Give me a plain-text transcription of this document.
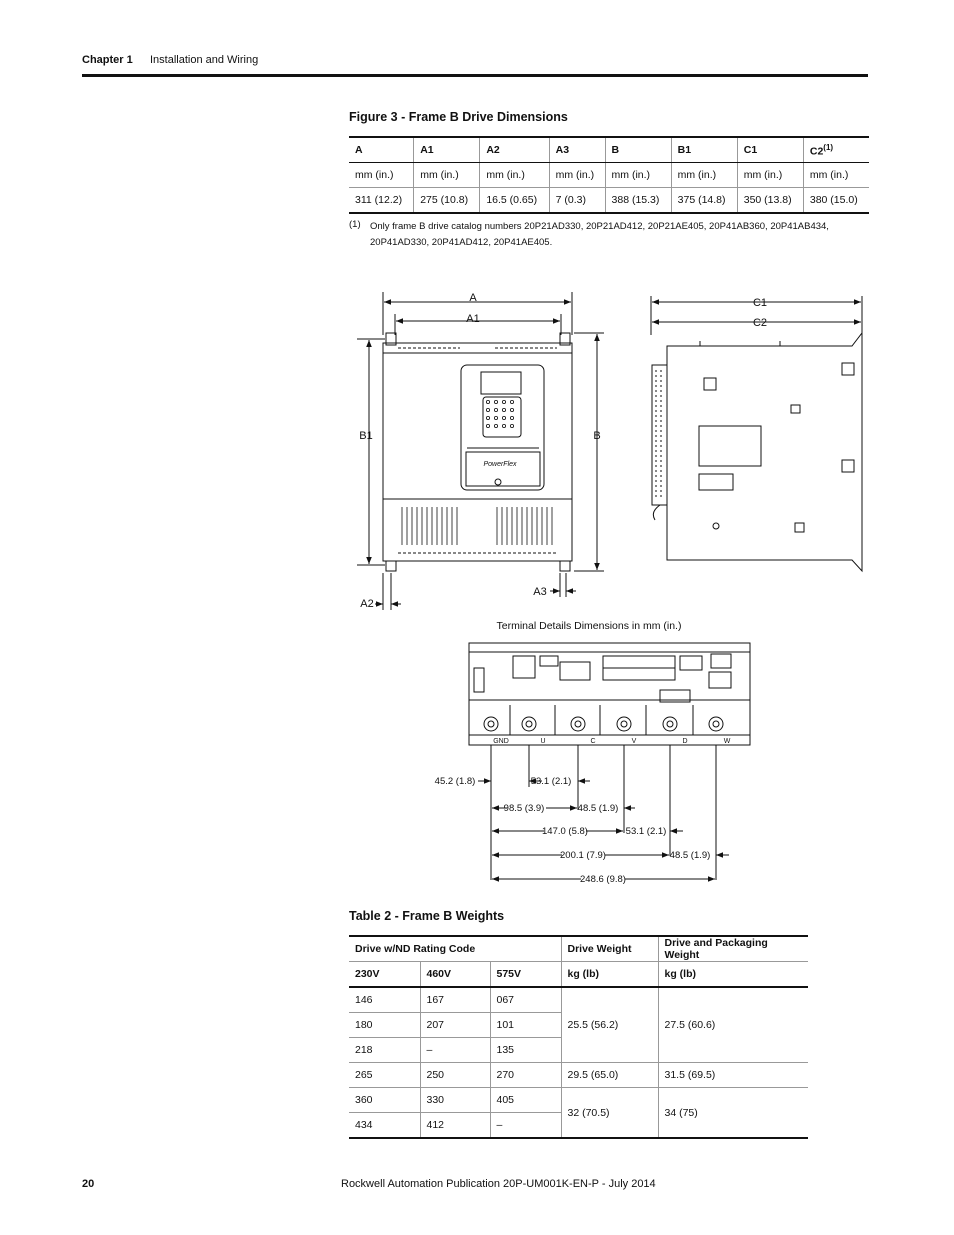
Chapter 1 Installation and Wiring
Figure 3 - Frame B Drive Dimensions
A	A1	A2	A3	B	B1	C1	C2$^{(1)}$
mm (in.)	mm (in.)	mm (in.)	mm (in.)	mm (in.)	mm (in.)	mm (in.)	mm (in.)
311 (12.2)	275 (10.8)	16.5 (0.65)	7 (0.3)	388 (15.3)	375 (14.8)	350 (13.8)	380 (15.0)
(1) Only frame B drive catalog numbers 20P21AD330, 20P21AD412, 20P21AE405, 20P41AB360, 20P41AB434, 20P41AD330, 20P41AD412, 20P41AE405.
A
A1
A2
A3
B1	B
C1
C2
PowerFlex
Terminal Details Dimensions in mm (in.)
GND	U	C	V	D	W
45.2 (1.8)	53.1 (2.1)
98.5 (3.9)	48.5 (1.9)
147.0 (5.8)	53.1 (2.1)
200.1 (7.9)	48.5 (1.9)
248.6 (9.8)
Table 2 - Frame B Weights
Drive w/ND Rating Code			Drive Weight	Drive and Packaging Weight
230V	460V	575V	kg (lb)	kg (lb)
146	167	067	25.5 (56.2)	27.5 (60.6)
180	207	101		
218	–	135		
265	250	270	29.5 (65.0)	31.5 (69.5)
360	330	405	32 (70.5)	34 (75)
434	412	–		
20	Rockwell Automation Publication 20P-UM001K-EN-P - July 2014
